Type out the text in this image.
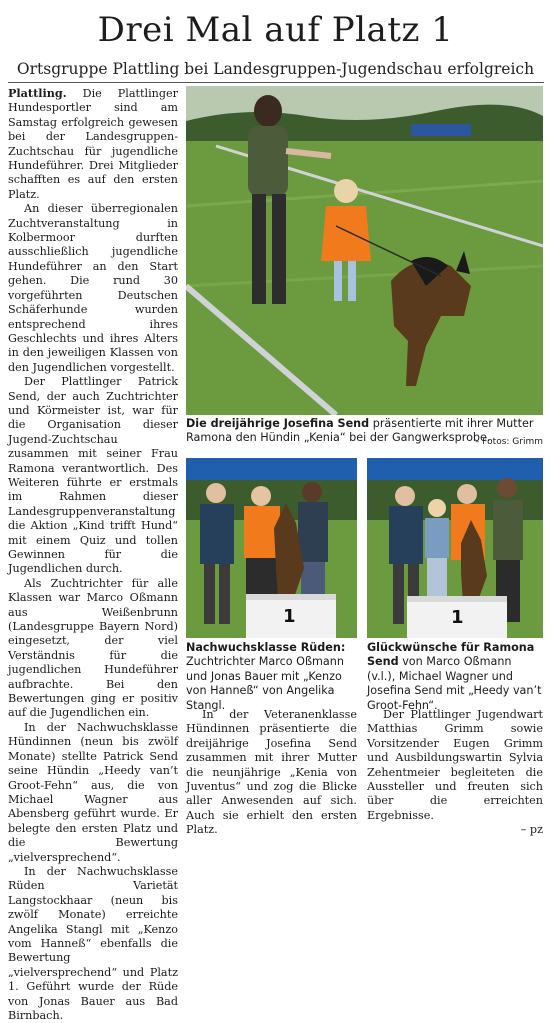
Drei Mal auf Platz 1
Ortsgruppe Plattling bei Landesgruppen-Jugendschau erfolgreich

Plattling. Die Plattlinger Hundesportler sind am Samstag erfolgreich gewesen bei der Landesgruppen-Zuchtschau für jugendliche Hundeführer. Drei Mitglieder schafften es auf den ersten Platz.

An dieser überregionalen Zuchtveranstaltung in Kolbermoor durften ausschließlich jugendliche Hundeführer an den Start gehen. Die rund 30 vorgeführten Deutschen Schäferhunde wurden entsprechend ihres Geschlechts und ihres Alters in den jeweiligen Klassen von den Jugendlichen vorgestellt.

Der Plattlinger Patrick Send, der auch Zuchtrichter und Körmeister ist, war für die Organisation dieser Jugend-Zuchtschau zusammen mit seiner Frau Ramona verantwortlich. Des Weiteren führte er erstmals im Rahmen dieser Landesgruppenveranstaltung die Aktion „Kind trifft Hund“ mit einem Quiz und tollen Gewinnen für die Jugendlichen durch.

Als Zuchtrichter für alle Klassen war Marco Oßmann aus Weißenbrunn (Landesgruppe Bayern Nord) eingesetzt, der viel Verständnis für die jugendlichen Hundeführer aufbrachte. Bei den Bewertungen ging er positiv auf die Jugendlichen ein.

In der Nachwuchsklasse Hündinnen (neun bis zwölf Monate) stellte Patrick Send seine Hündin „Heedy van’t Groot-Fehn“ aus, die von Michael Wagner aus Abensberg geführt wurde. Er belegte den ersten Platz und die Bewertung „vielversprechend“.

In der Nachwuchsklasse Rüden Varietät Langstockhaar (neun bis zwölf Monate) erreichte Angelika Stangl mit „Kenzo vom Hanneß“ ebenfalls die Bewertung „vielversprechend“ und Platz 1. Geführt wurde der Rüde von Jonas Bauer aus Bad Birnbach.

Die dreijährige Josefina Send präsentierte mit ihrer Mutter Ramona den Hündin „Kenia“ bei der Gangwerksprobe.
– Fotos: Grimm
1	1
Nachwuchsklasse Rüden: Zuchtrichter Marco Oßmann und Jonas Bauer mit „Kenzo von Hanneß“ von Angelika Stangl.
Glückwünsche für Ramona Send von Marco Oßmann (v.l.), Michael Wagner und Josefina Send mit „Heedy van’t Groot-Fehn“.

In der Veteranenklasse Hündinnen präsentierte die dreijährige Josefina Send zusammen mit ihrer Mutter die neunjährige „Kenia von Juventus“ und zog die Blicke aller Anwesenden auf sich. Auch sie erhielt den ersten Platz.

Der Plattlinger Jugendwart Matthias Grimm sowie Vorsitzender Eugen Grimm und Ausbildungswartin Sylvia Zehentmeier begleiteten die Aussteller und freuten sich über die erreichten Ergebnisse.

– pz
